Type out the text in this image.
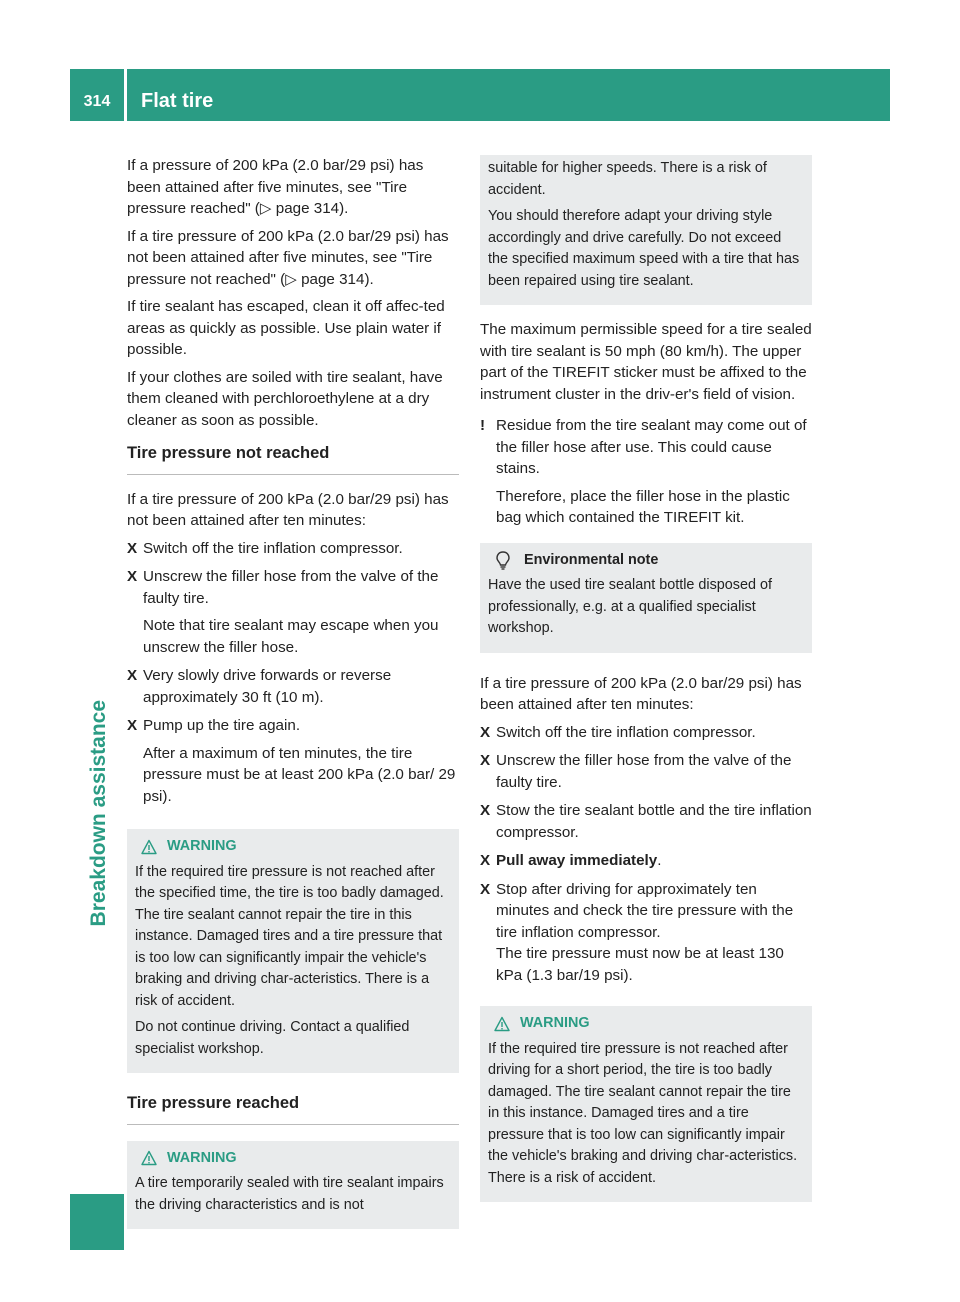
314	Flat tire
Breakdown assistance

If a pressure of 200 kPa (2.0 bar/29 psi) has been attained after five minutes, see "Tire pressure reached" (▷ page 314).

If a tire pressure of 200 kPa (2.0 bar/29 psi) has not been attained after five minutes, see "Tire pressure not reached" (▷ page 314).

If tire sealant has escaped, clean it off affec-ted areas as quickly as possible. Use plain water if possible.

If your clothes are soiled with tire sealant, have them cleaned with perchloroethylene at a dry cleaner as soon as possible.

Tire pressure not reached

If a tire pressure of 200 kPa (2.0 bar/29 psi) has not been attained after ten minutes:

X Switch off the tire inflation compressor.

X Unscrew the filler hose from the valve of the faulty tire.

Note that tire sealant may escape when you unscrew the filler hose.

X Very slowly drive forwards or reverse approximately 30 ft (10 m).

X Pump up the tire again.

After a maximum of ten minutes, the tire pressure must be at least 200 kPa (2.0 bar/ 29 psi).

WARNING

If the required tire pressure is not reached after the specified time, the tire is too badly damaged. The tire sealant cannot repair the tire in this instance. Damaged tires and a tire pressure that is too low can significantly impair the vehicle's braking and driving char-acteristics. There is a risk of accident.

Do not continue driving. Contact a qualified specialist workshop.

Tire pressure reached
WARNING

A tire temporarily sealed with tire sealant impairs the driving characteristics and is not

suitable for higher speeds. There is a risk of accident.

You should therefore adapt your driving style accordingly and drive carefully. Do not exceed the specified maximum speed with a tire that has been repaired using tire sealant.

The maximum permissible speed for a tire sealed with tire sealant is 50 mph (80 km/h). The upper part of the TIREFIT sticker must be affixed to the instrument cluster in the driv-er's field of vision.

! Residue from the tire sealant may come out of the filler hose after use. This could cause stains.

Therefore, place the filler hose in the plastic bag which contained the TIREFIT kit.

Environmental note

Have the used tire sealant bottle disposed of professionally, e.g. at a qualified specialist workshop.

If a tire pressure of 200 kPa (2.0 bar/29 psi) has been attained after ten minutes:

X Switch off the tire inflation compressor.

X Unscrew the filler hose from the valve of the faulty tire.

X Stow the tire sealant bottle and the tire inflation compressor.

X Pull away immediately.

X Stop after driving for approximately ten minutes and check the tire pressure with the tire inflation compressor.

The tire pressure must now be at least 130 kPa (1.3 bar/19 psi).

WARNING

If the required tire pressure is not reached after driving for a short period, the tire is too badly damaged. The tire sealant cannot repair the tire in this instance. Damaged tires and a tire pressure that is too low can significantly impair the vehicle's braking and driving char-acteristics. There is a risk of accident.
